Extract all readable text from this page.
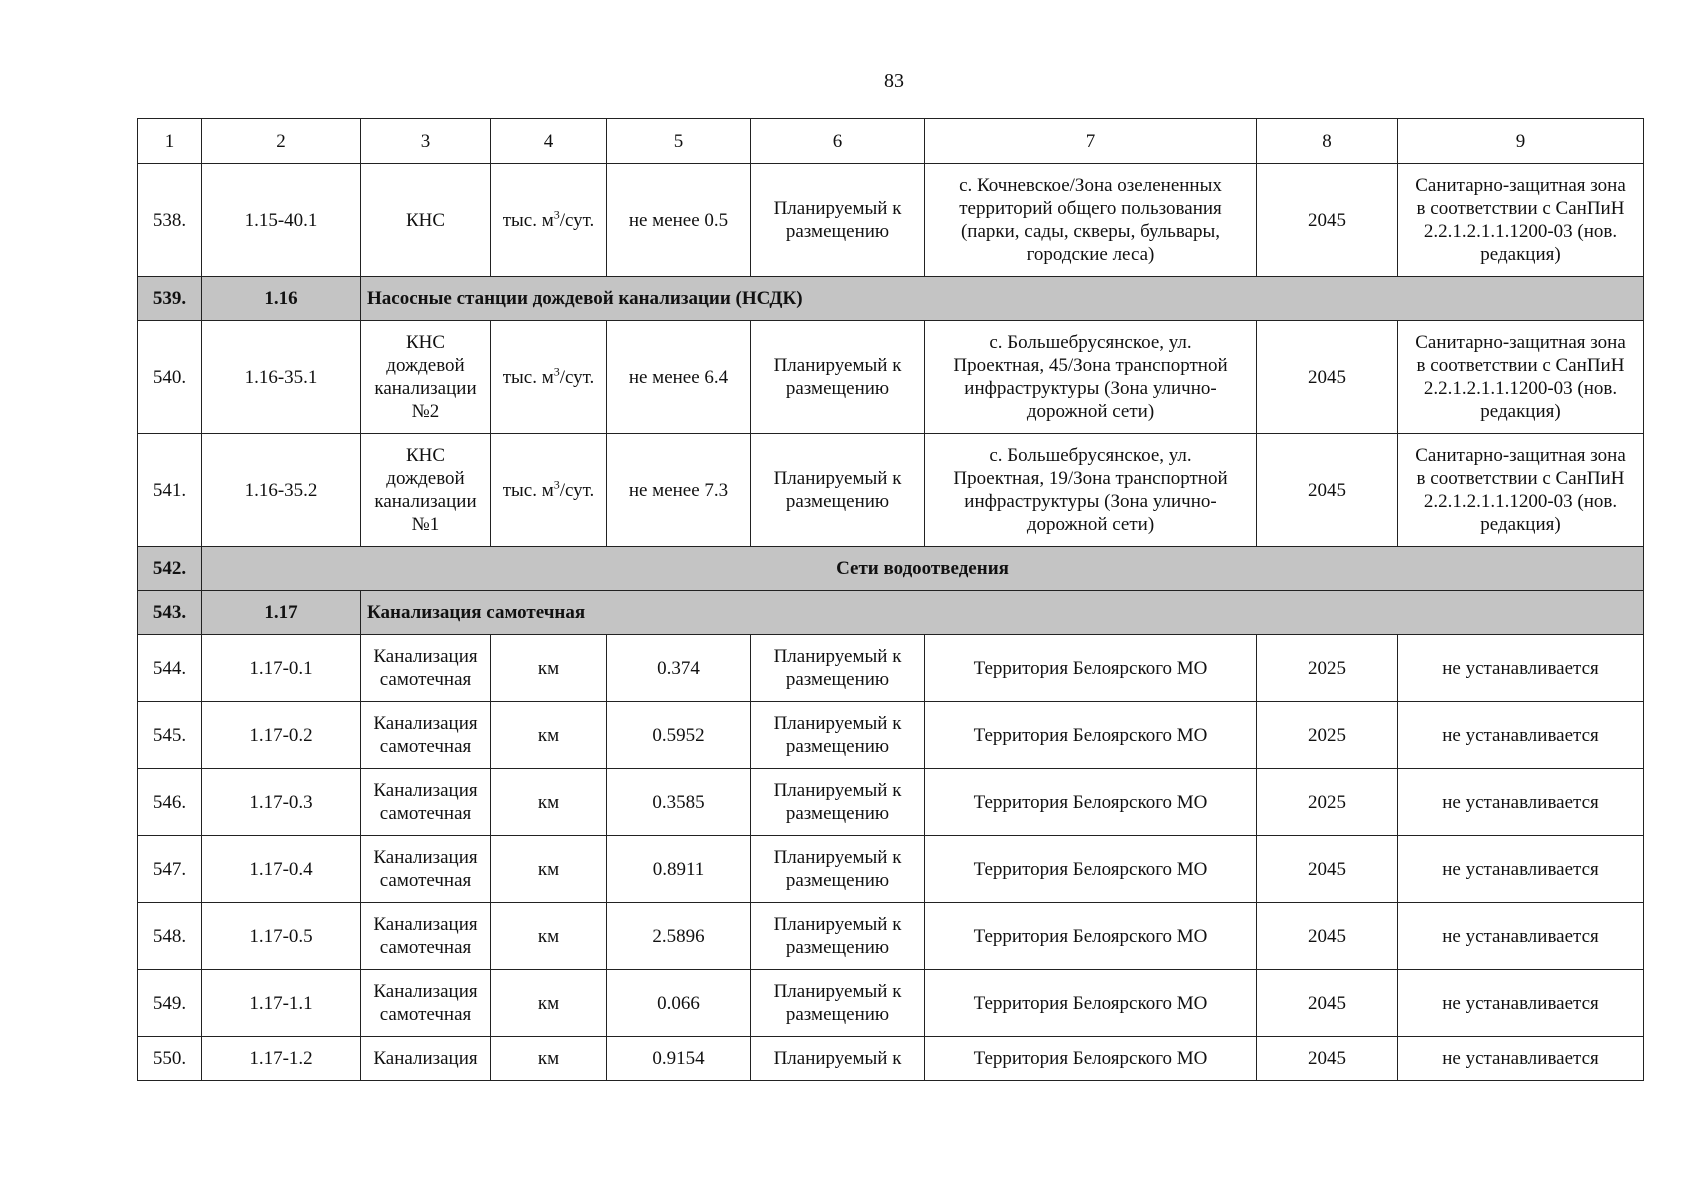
83
1	2	3	4	5	6	7	8	9
538.	1.15-40.1	КНС	тыс. $м^3$/сут.	не менее 0.5	Планируемый к
размещению	с. Кочневское/Зона озелененных
территорий общего пользования
(парки, сады, скверы, бульвары,
городские леса)	2045	Санитарно-защитная зона
в соответствии с СанПиН
2.2.1.2.1.1.1200-03 (нов.
редакция)
539.	1.16	Насосные станции дождевой канализации (НСДК)						
540.	1.16-35.1	КНС
дождевой
канализации
№2	тыс. $м^3$/сут.	не менее 6.4	Планируемый к
размещению	с. Большебрусянское, ул.
Проектная, 45/Зона транспортной
инфраструктуры (Зона улично-
дорожной сети)	2045	Санитарно-защитная зона
в соответствии с СанПиН
2.2.1.2.1.1.1200-03 (нов.
редакция)
541.	1.16-35.2	КНС
дождевой
канализации
№1	тыс. $м^3$/сут.	не менее 7.3	Планируемый к
размещению	с. Большебрусянское, ул.
Проектная, 19/Зона транспортной
инфраструктуры (Зона улично-
дорожной сети)	2045	Санитарно-защитная зона
в соответствии с СанПиН
2.2.1.2.1.1.1200-03 (нов.
редакция)
542.	Сети водоотведения							
543.	1.17	Канализация самотечная						
544.	1.17-0.1	Канализация
самотечная	км	0.374	Планируемый к
размещению	Территория Белоярского МО	2025	не устанавливается
545.	1.17-0.2	Канализация
самотечная	км	0.5952	Планируемый к
размещению	Территория Белоярского МО	2025	не устанавливается
546.	1.17-0.3	Канализация
самотечная	км	0.3585	Планируемый к
размещению	Территория Белоярского МО	2025	не устанавливается
547.	1.17-0.4	Канализация
самотечная	км	0.8911	Планируемый к
размещению	Территория Белоярского МО	2045	не устанавливается
548.	1.17-0.5	Канализация
самотечная	км	2.5896	Планируемый к
размещению	Территория Белоярского МО	2045	не устанавливается
549.	1.17-1.1	Канализация
самотечная	км	0.066	Планируемый к
размещению	Территория Белоярского МО	2045	не устанавливается
550.	1.17-1.2	Канализация	км	0.9154	Планируемый к	Территория Белоярского МО	2045	не устанавливается
